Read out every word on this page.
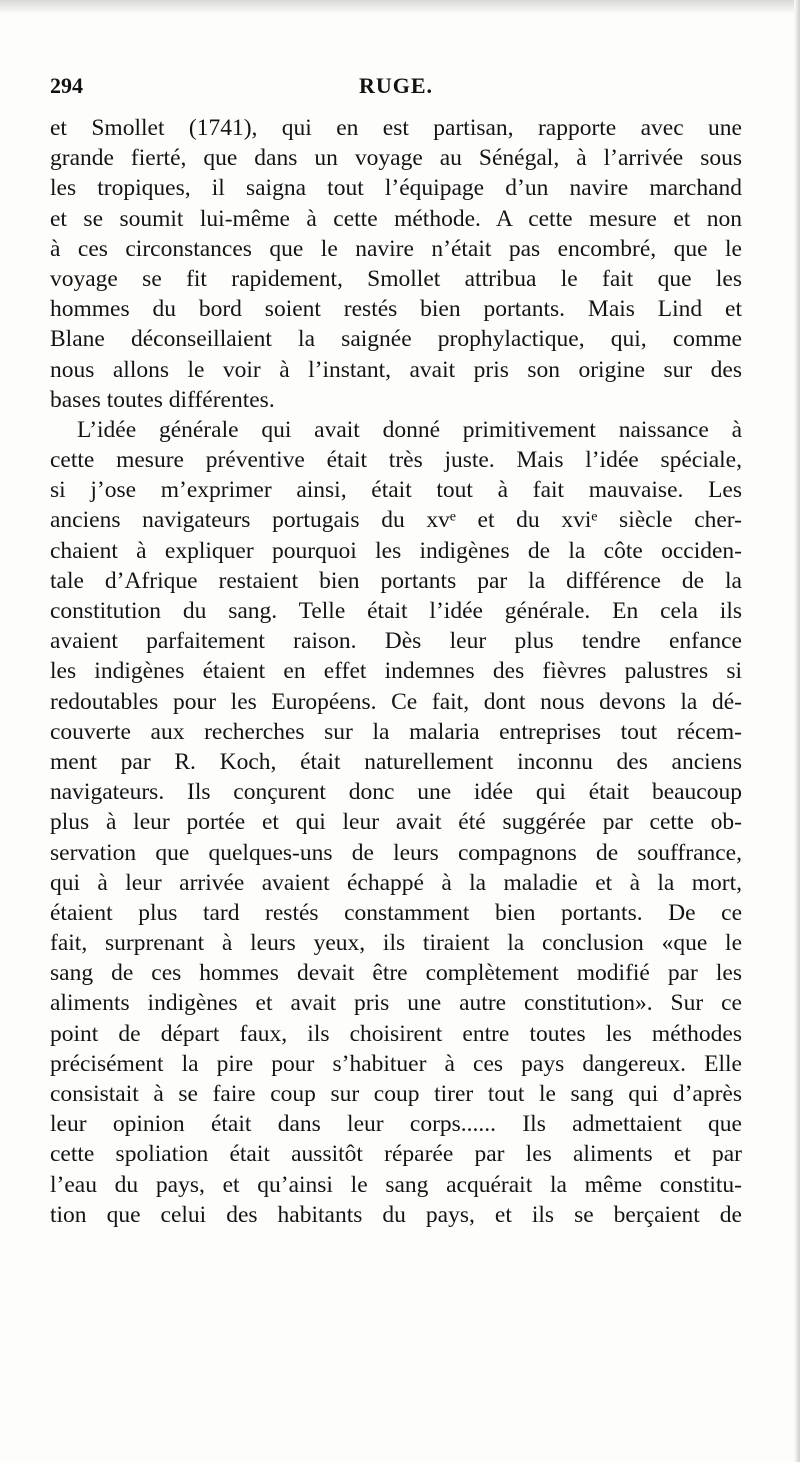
294	RUGE.
et Smollet (1741), qui en est partisan, rapporte avec une
grande fierté, que dans un voyage au Sénégal, à l’arrivée sous
les tropiques, il saigna tout l’équipage d’un navire marchand
et se soumit lui-même à cette méthode. A cette mesure et non
à ces circonstances que le navire n’était pas encombré, que le
voyage se fit rapidement, Smollet attribua le fait que les
hommes du bord soient restés bien portants. Mais Lind et
Blane déconseillaient la saignée prophylactique, qui, comme
nous allons le voir à l’instant, avait pris son origine sur des
bases toutes différentes.
L’idée générale qui avait donné primitivement naissance à
cette mesure préventive était très juste. Mais l’idée spéciale,
si j’ose m’exprimer ainsi, était tout à fait mauvaise. Les
anciens navigateurs portugais du xvᵉ et du xviᵉ siècle cher-
chaient à expliquer pourquoi les indigènes de la côte occiden-
tale d’Afrique restaient bien portants par la différence de la
constitution du sang. Telle était l’idée générale. En cela ils
avaient parfaitement raison. Dès leur plus tendre enfance
les indigènes étaient en effet indemnes des fièvres palustres si
redoutables pour les Européens. Ce fait, dont nous devons la dé-
couverte aux recherches sur la malaria entreprises tout récem-
ment par R. Koch, était naturellement inconnu des anciens
navigateurs. Ils conçurent donc une idée qui était beaucoup
plus à leur portée et qui leur avait été suggérée par cette ob-
servation que quelques-uns de leurs compagnons de souffrance,
qui à leur arrivée avaient échappé à la maladie et à la mort,
étaient plus tard restés constamment bien portants. De ce
fait, surprenant à leurs yeux, ils tiraient la conclusion «que le
sang de ces hommes devait être complètement modifié par les
aliments indigènes et avait pris une autre constitution». Sur ce
point de départ faux, ils choisirent entre toutes les méthodes
précisément la pire pour s’habituer à ces pays dangereux. Elle
consistait à se faire coup sur coup tirer tout le sang qui d’après
leur opinion était dans leur corps...... Ils admettaient que
cette spoliation était aussitôt réparée par les aliments et par
l’eau du pays, et qu’ainsi le sang acquérait la même constitu-
tion que celui des habitants du pays, et ils se berçaient de
